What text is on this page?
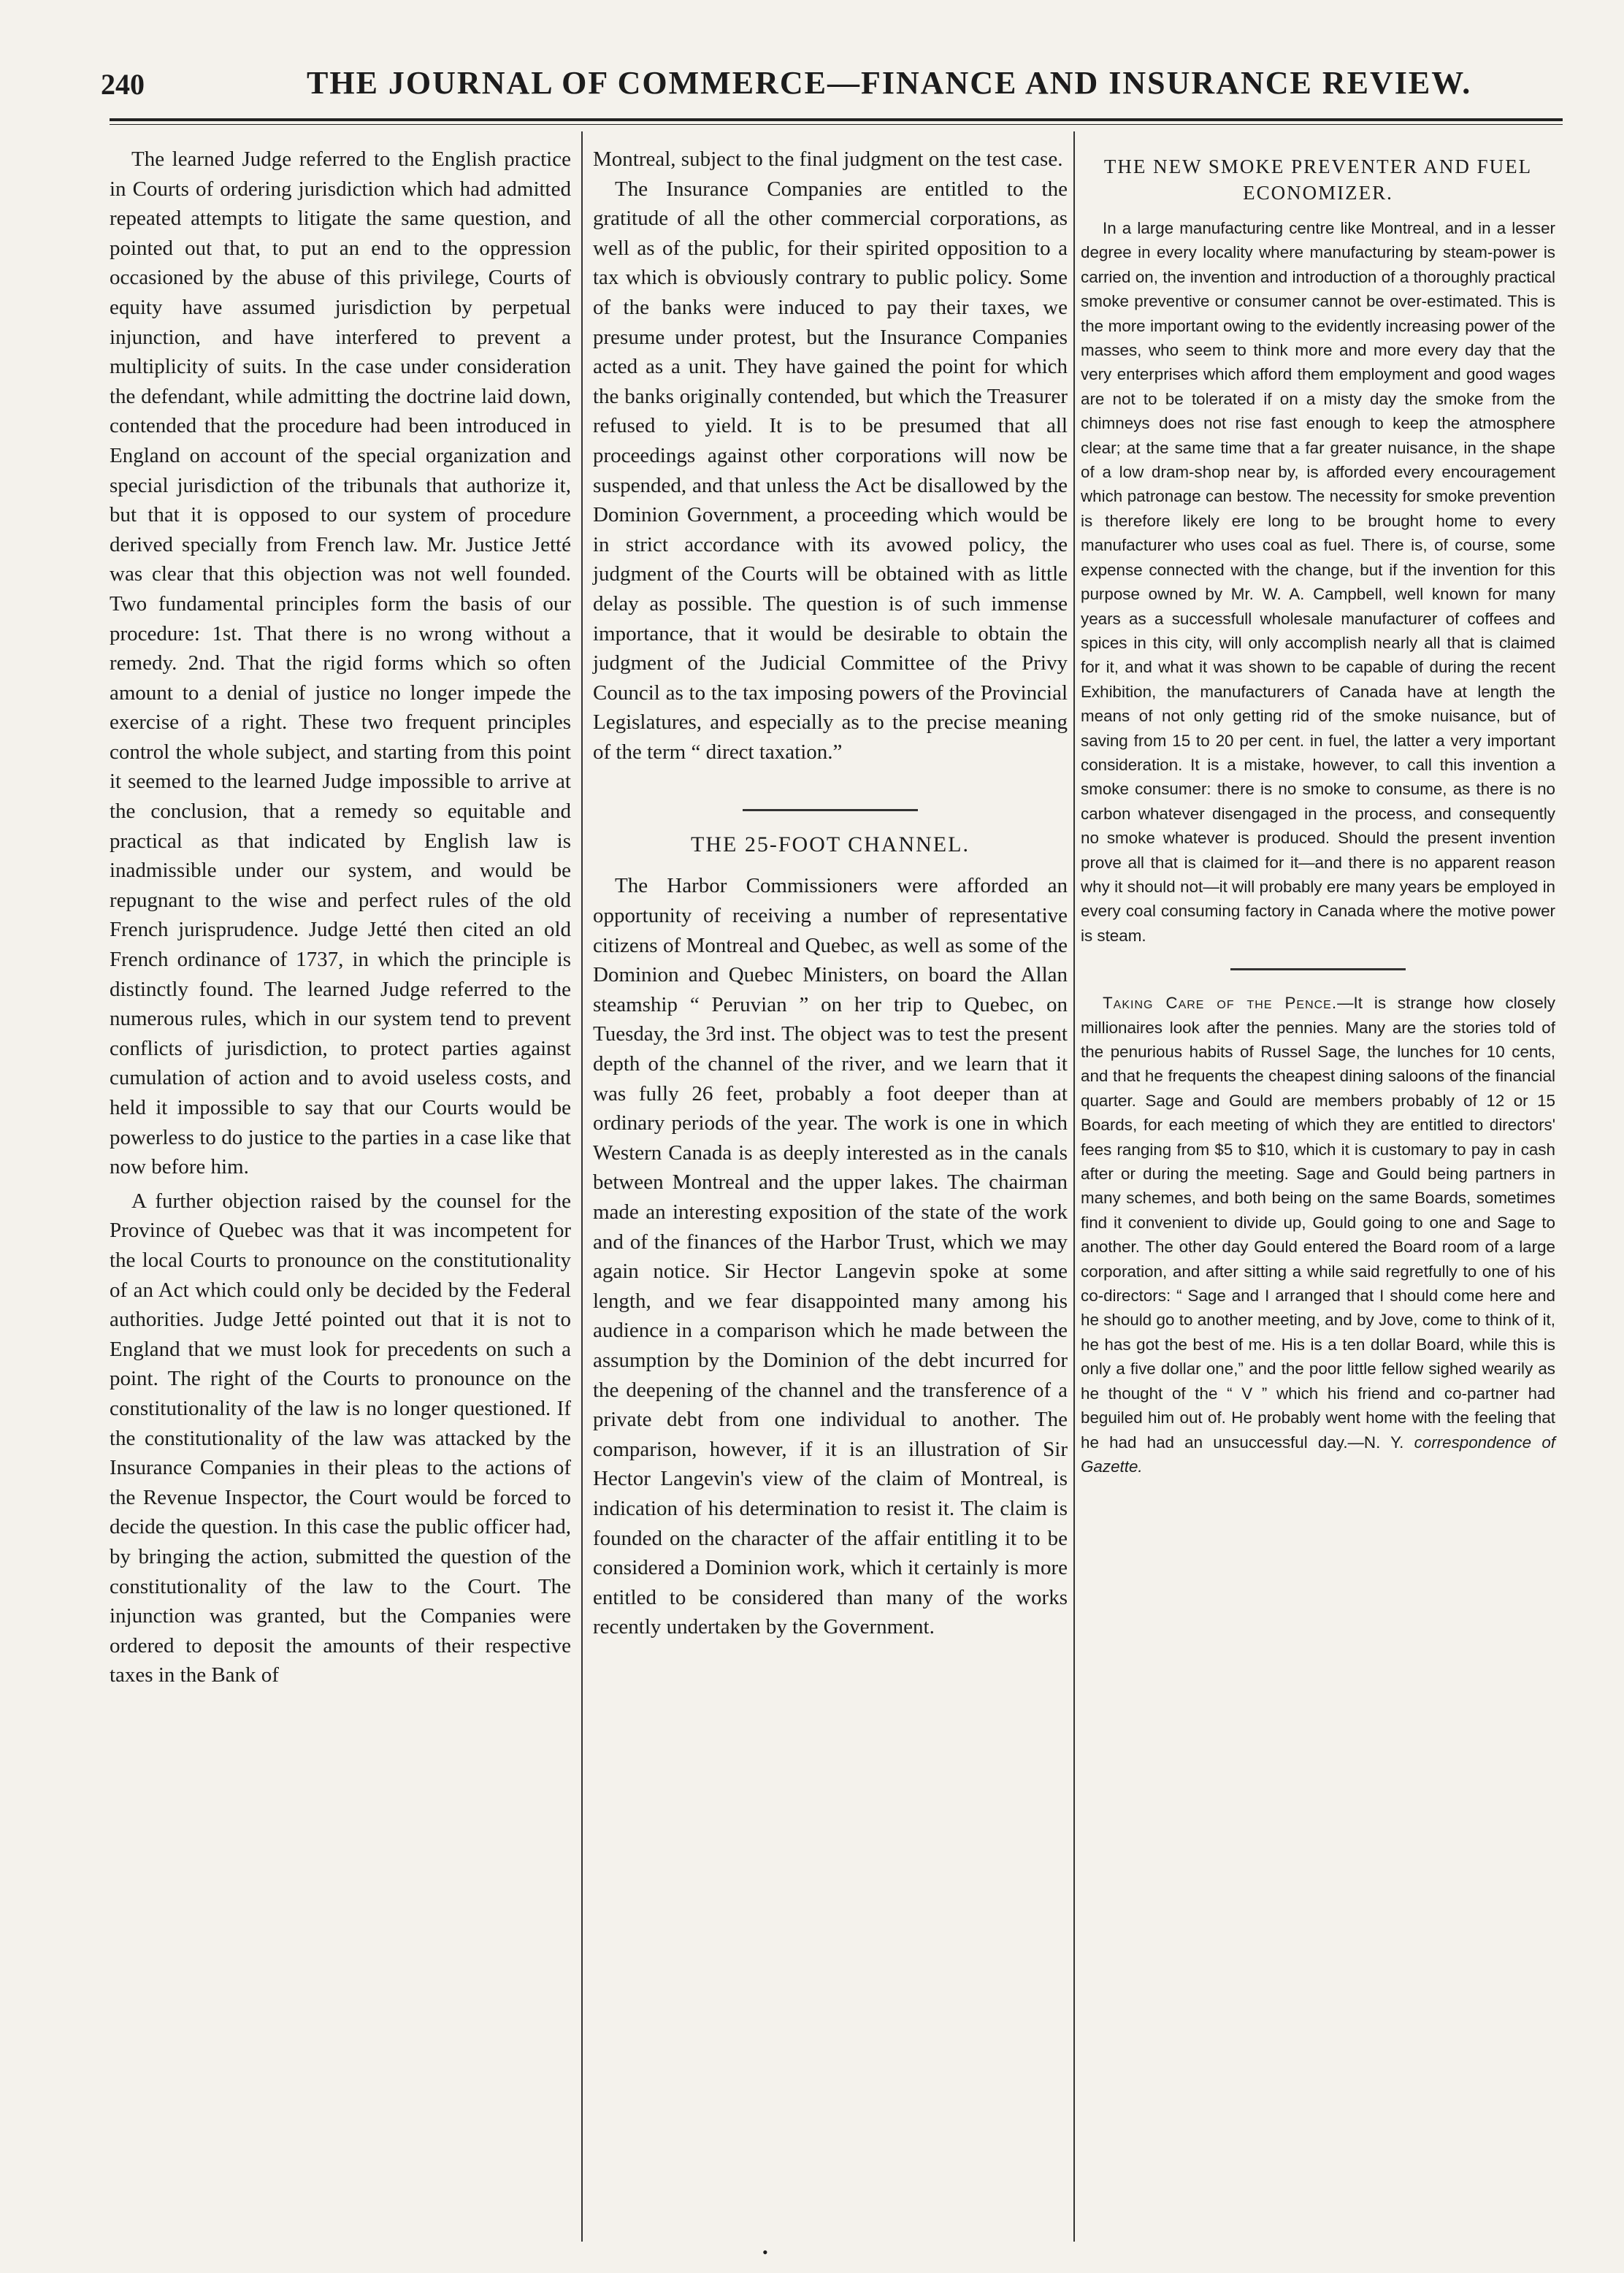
240	THE JOURNAL OF COMMERCE—FINANCE AND INSURANCE REVIEW.

The learned Judge referred to the English practice in Courts of ordering jurisdiction which had admitted repeated attempts to litigate the same question, and pointed out that, to put an end to the oppression occasioned by the abuse of this privilege, Courts of equity have assumed jurisdiction by perpetual injunction, and have interfered to prevent a multiplicity of suits. In the case under consideration the defendant, while admitting the doctrine laid down, contended that the procedure had been introduced in England on account of the special organization and special jurisdiction of the tribunals that authorize it, but that it is opposed to our system of procedure derived specially from French law. Mr. Justice Jetté was clear that this objection was not well founded. Two fundamental principles form the basis of our procedure: 1st. That there is no wrong without a remedy. 2nd. That the rigid forms which so often amount to a denial of justice no longer impede the exercise of a right. These two frequent principles control the whole subject, and starting from this point it seemed to the learned Judge impossible to arrive at the conclusion, that a remedy so equitable and practical as that indicated by English law is inadmissible under our system, and would be repugnant to the wise and perfect rules of the old French jurisprudence. Judge Jetté then cited an old French ordinance of 1737, in which the principle is distinctly found. The learned Judge referred to the numerous rules, which in our system tend to prevent conflicts of jurisdiction, to protect parties against cumulation of action and to avoid useless costs, and held it impossible to say that our Courts would be powerless to do justice to the parties in a case like that now before him.

A further objection raised by the counsel for the Province of Quebec was that it was incompetent for the local Courts to pronounce on the constitutionality of an Act which could only be decided by the Federal authorities. Judge Jetté pointed out that it is not to England that we must look for precedents on such a point. The right of the Courts to pronounce on the constitutionality of the law is no longer questioned. If the constitutionality of the law was attacked by the Insurance Companies in their pleas to the actions of the Revenue Inspector, the Court would be forced to decide the question. In this case the public officer had, by bringing the action, submitted the question of the constitutionality of the law to the Court. The injunction was granted, but the Companies were ordered to deposit the amounts of their respective taxes in the Bank of

Montreal, subject to the final judgment on the test case.

The Insurance Companies are entitled to the gratitude of all the other commercial corporations, as well as of the public, for their spirited opposition to a tax which is obviously contrary to public policy. Some of the banks were induced to pay their taxes, we presume under protest, but the Insurance Companies acted as a unit. They have gained the point for which the banks originally contended, but which the Treasurer refused to yield. It is to be presumed that all proceedings against other corporations will now be suspended, and that unless the Act be disallowed by the Dominion Government, a proceeding which would be in strict accordance with its avowed policy, the judgment of the Courts will be obtained with as little delay as possible. The question is of such immense importance, that it would be desirable to obtain the judgment of the Judicial Committee of the Privy Council as to the tax imposing powers of the Provincial Legislatures, and especially as to the precise meaning of the term “ direct taxation.”

THE 25-FOOT CHANNEL.

The Harbor Commissioners were afforded an opportunity of receiving a number of representative citizens of Montreal and Quebec, as well as some of the Dominion and Quebec Ministers, on board the Allan steamship “ Peruvian ” on her trip to Quebec, on Tuesday, the 3rd inst. The object was to test the present depth of the channel of the river, and we learn that it was fully 26 feet, probably a foot deeper than at ordinary periods of the year. The work is one in which Western Canada is as deeply interested as in the canals between Montreal and the upper lakes. The chairman made an interesting exposition of the state of the work and of the finances of the Harbor Trust, which we may again notice. Sir Hector Langevin spoke at some length, and we fear disappointed many among his audience in a comparison which he made between the assumption by the Dominion of the debt incurred for the deepening of the channel and the transference of a private debt from one individual to another. The comparison, however, if it is an illustration of Sir Hector Langevin's view of the claim of Montreal, is indication of his determination to resist it. The claim is founded on the character of the affair entitling it to be considered a Dominion work, which it certainly is more entitled to be considered than many of the works recently undertaken by the Government.

THE NEW SMOKE PREVENTER AND FUEL ECONOMIZER.

In a large manufacturing centre like Montreal, and in a lesser degree in every locality where manufacturing by steam-power is carried on, the invention and introduction of a thoroughly practical smoke preventive or consumer cannot be over-estimated. This is the more important owing to the evidently increasing power of the masses, who seem to think more and more every day that the very enterprises which afford them employment and good wages are not to be tolerated if on a misty day the smoke from the chimneys does not rise fast enough to keep the atmosphere clear; at the same time that a far greater nuisance, in the shape of a low dram-shop near by, is afforded every encouragement which patronage can bestow. The necessity for smoke prevention is therefore likely ere long to be brought home to every manufacturer who uses coal as fuel. There is, of course, some expense connected with the change, but if the invention for this purpose owned by Mr. W. A. Campbell, well known for many years as a successfull wholesale manufacturer of coffees and spices in this city, will only accomplish nearly all that is claimed for it, and what it was shown to be capable of during the recent Exhibition, the manufacturers of Canada have at length the means of not only getting rid of the smoke nuisance, but of saving from 15 to 20 per cent. in fuel, the latter a very important consideration. It is a mistake, however, to call this invention a smoke consumer: there is no smoke to consume, as there is no carbon whatever disengaged in the process, and consequently no smoke whatever is produced. Should the present invention prove all that is claimed for it—and there is no apparent reason why it should not—it will probably ere many years be employed in every coal consuming factory in Canada where the motive power is steam.

Taking Care of the Pence.—It is strange how closely millionaires look after the pennies. Many are the stories told of the penurious habits of Russel Sage, the lunches for 10 cents, and that he frequents the cheapest dining saloons of the financial quarter. Sage and Gould are members probably of 12 or 15 Boards, for each meeting of which they are entitled to directors' fees ranging from $5 to $10, which it is customary to pay in cash after or during the meeting. Sage and Gould being partners in many schemes, and both being on the same Boards, sometimes find it convenient to divide up, Gould going to one and Sage to another. The other day Gould entered the Board room of a large corporation, and after sitting a while said regretfully to one of his co-directors: “ Sage and I arranged that I should come here and he should go to another meeting, and by Jove, come to think of it, he has got the best of me. His is a ten dollar Board, while this is only a five dollar one,” and the poor little fellow sighed wearily as he thought of the “ V ” which his friend and co-partner had beguiled him out of. He probably went home with the feeling that he had had an unsuccessful day.—N. Y. correspondence of Gazette.

•
